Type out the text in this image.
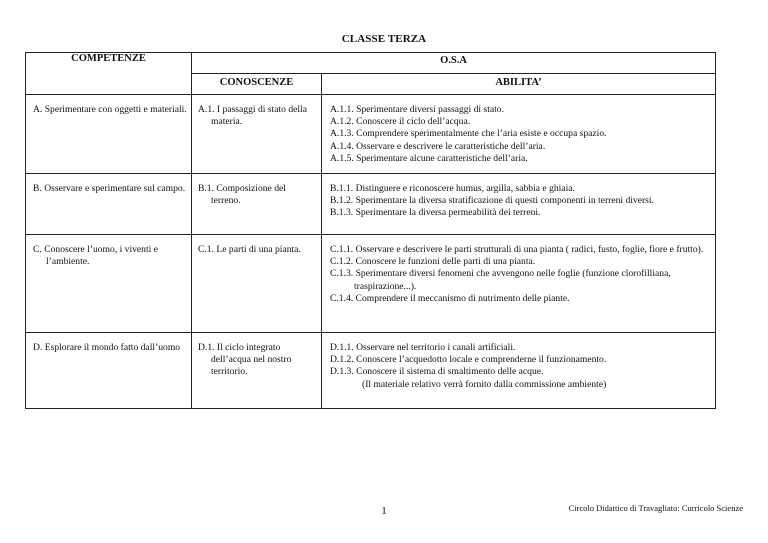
CLASSE TERZA
COMPETENZE	O.S.A	

	CONOSCENZE	ABILITA’

A. Sperimentare con oggetti e materiali.	A.1. I passaggi di stato della materia.	A.1.1. Sperimentare diversi passaggi di stato.

A.1.2. Conoscere il ciclo dell’acqua.

A.1.3. Comprendere sperimentalmente che l’aria esiste e occupa spazio.

A.1.4. Osservare e descrivere le caratteristiche dell’aria.

A.1.5. Sperimentare alcune caratteristiche dell’aria.

B. Osservare e sperimentare sul campo.	B.1. Composizione del terreno.	B.1.1. Distinguere e riconoscere humus, argilla, sabbia e ghiaia.

B.1.2. Sperimentare la diversa stratificazione di questi componenti in terreni diversi.

B.1.3. Sperimentare la diversa permeabilità dei terreni.

C. Conoscere l’uomo, i viventi e l’ambiente.	C.1. Le parti di una pianta.	C.1.1. Osservare e descrivere le parti strutturali di una pianta ( radici, fusto, foglie, fiore e frutto).

C.1.2. Conoscere le funzioni delle parti di una pianta.

C.1.3. Sperimentare diversi fenomeni che avvengono nelle foglie (funzione clorofilliana, traspirazione...).

C.1.4. Comprendere il meccanismo di nutrimento delle piante.

D. Esplorare il mondo fatto dall’uomo	D.1. Il ciclo integrato dell’acqua nel nostro territorio.	D.1.1. Osservare nel territorio i canali artificiali.

D.1.2. Conoscere l’acquedotto locale e comprenderne il funzionamento.

D.1.3. Conoscere il sistema di smaltimento delle acque.

(Il materiale relativo verrà fornito dalla commissione ambiente)

1	Circolo Didattico di Travagliato: Curricolo Scienze
